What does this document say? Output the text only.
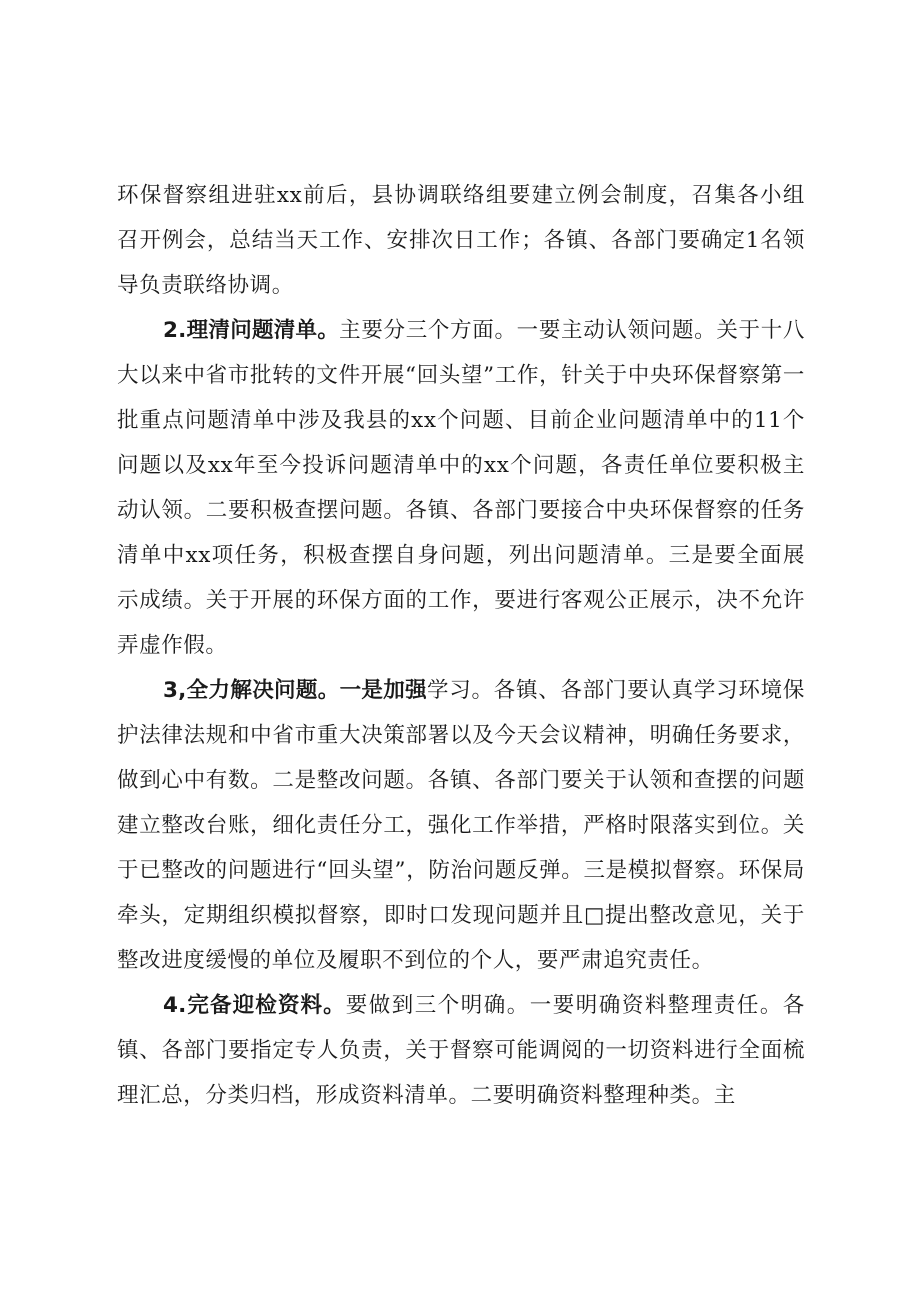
环保督察组进驻xx前后，县协调联络组要建立例会制度，召集各小组召开例会，总结当天工作、安排次日工作；各镇、各部门要确定1名领导负责联络协调。

2.理清问题清单。主要分三个方面。一要主动认领问题。关于十八大以来中省市批转的文件开展“回头望”工作，针关于中央环保督察第一批重点问题清单中涉及我县的xx个问题、目前企业问题清单中的11个问题以及xx年至今投诉问题清单中的xx个问题，各责任单位要积极主动认领。二要积极查摆问题。各镇、各部门要接合中央环保督察的任务清单中xx项任务，积极查摆自身问题，列出问题清单。三是要全面展示成绩。关于开展的环保方面的工作，要进行客观公正展示，决不允许弄虚作假。

3,全力解决问题。一是加强学习。各镇、各部门要认真学习环境保护法律法规和中省市重大决策部署以及今天会议精神，明确任务要求，做到心中有数。二是整改问题。各镇、各部门要关于认领和查摆的问题建立整改台账，细化责任分工，强化工作举措，严格时限落实到位。关于已整改的问题进行“回头望”，防治问题反弹。三是模拟督察。环保局牵头，定期组织模拟督察，即时口发现问题并且□提出整改意见，关于整改进度缓慢的单位及履职不到位的个人，要严肃追究责任。

4.完备迎检资料。要做到三个明确。一要明确资料整理责任。各镇、各部门要指定专人负责，关于督察可能调阅的一切资料进行全面梳理汇总，分类归档，形成资料清单。二要明确资料整理种类。主
